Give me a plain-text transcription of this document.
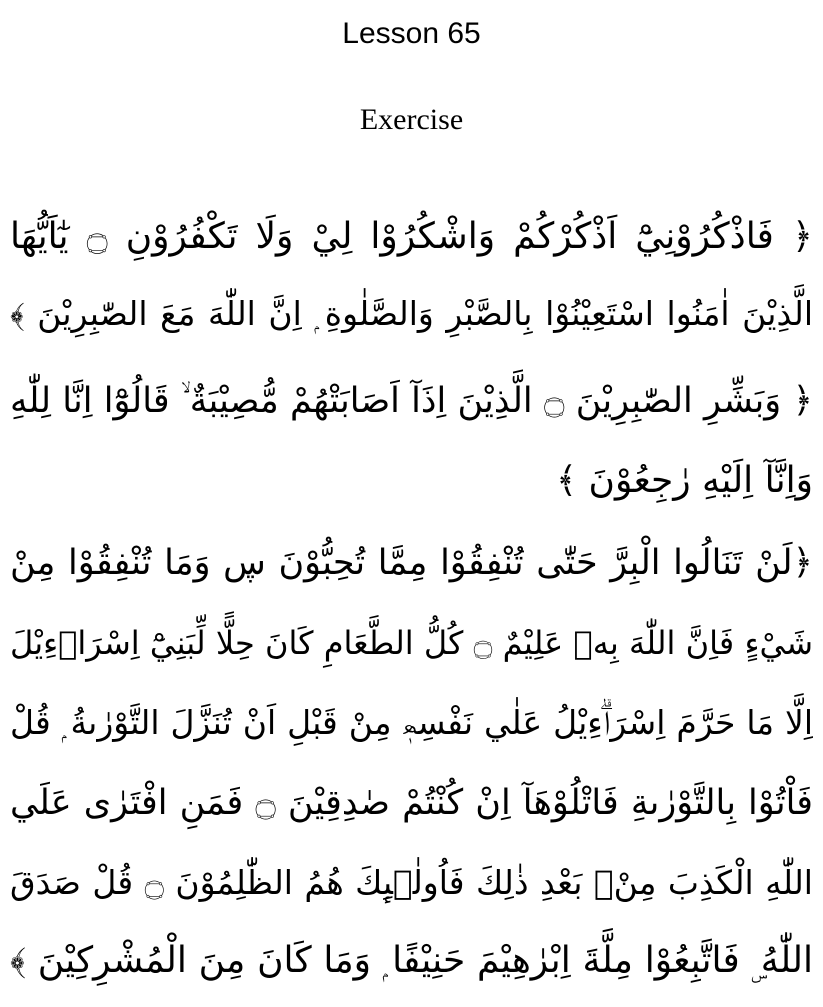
Lesson 65
Exercise
﴿ فَاذْكُرُوْنِيْٓ اَذْكُرْكُمْ وَاشْكُرُوْا لِيْ وَلَا تَكْفُرُوْنِ ۝ يٰٓاَيُّهَا
الَّذِيْنَ اٰمَنُوا اسْتَعِيْنُوْا بِالصَّبْرِ وَالصَّلٰوةِ ۭ اِنَّ اللّٰهَ مَعَ الصّٰبِرِيْنَ ﴾
﴿ وَبَشِّرِ الصّٰبِرِيْنَ ۝ الَّذِيْنَ اِذَآ اَصَابَتْهُمْ مُّصِيْبَةٌ ۙ قَالُوْٓا اِنَّا لِلّٰهِ
وَاِنَّآ اِلَيْهِ رٰجِعُوْنَ ﴾
﴿لَنْ تَنَالُوا الْبِرَّ حَتّٰى تُنْفِقُوْا مِمَّا تُحِبُّوْنَ ڛ وَمَا تُنْفِقُوْا مِنْ
شَيْءٍ فَاِنَّ اللّٰهَ بِهٖ عَلِيْمٌ ۝ كُلُّ الطَّعَامِ كَانَ حِلًّا لِّبَنِيْٓ اِسْرَاۗءِيْلَ
اِلَّا مَا حَرَّمَ اِسْرَاۗءِيْلُ عَلٰي نَفْسِھٖ مِنْ قَبْلِ اَنْ تُنَزَّلَ التَّوْرٰىةُ ۭ قُلْ
فَاْتُوْا بِالتَّوْرٰىةِ فَاتْلُوْھَآ اِنْ كُنْتُمْ صٰدِقِيْنَ ۝ فَمَنِ افْتَرٰى عَلَي
اللّٰهِ الْكَذِبَ مِنْۢ بَعْدِ ذٰلِكَ فَاُولٰۗىِٕكَ ھُمُ الظّٰلِمُوْنَ ۝ قُلْ صَدَقَ
اللّٰهُ ۣ فَاتَّبِعُوْا مِلَّةَ اِبْرٰهِيْمَ حَنِيْفًا ۭ وَمَا كَانَ مِنَ الْمُشْرِكِيْنَ ﴾
